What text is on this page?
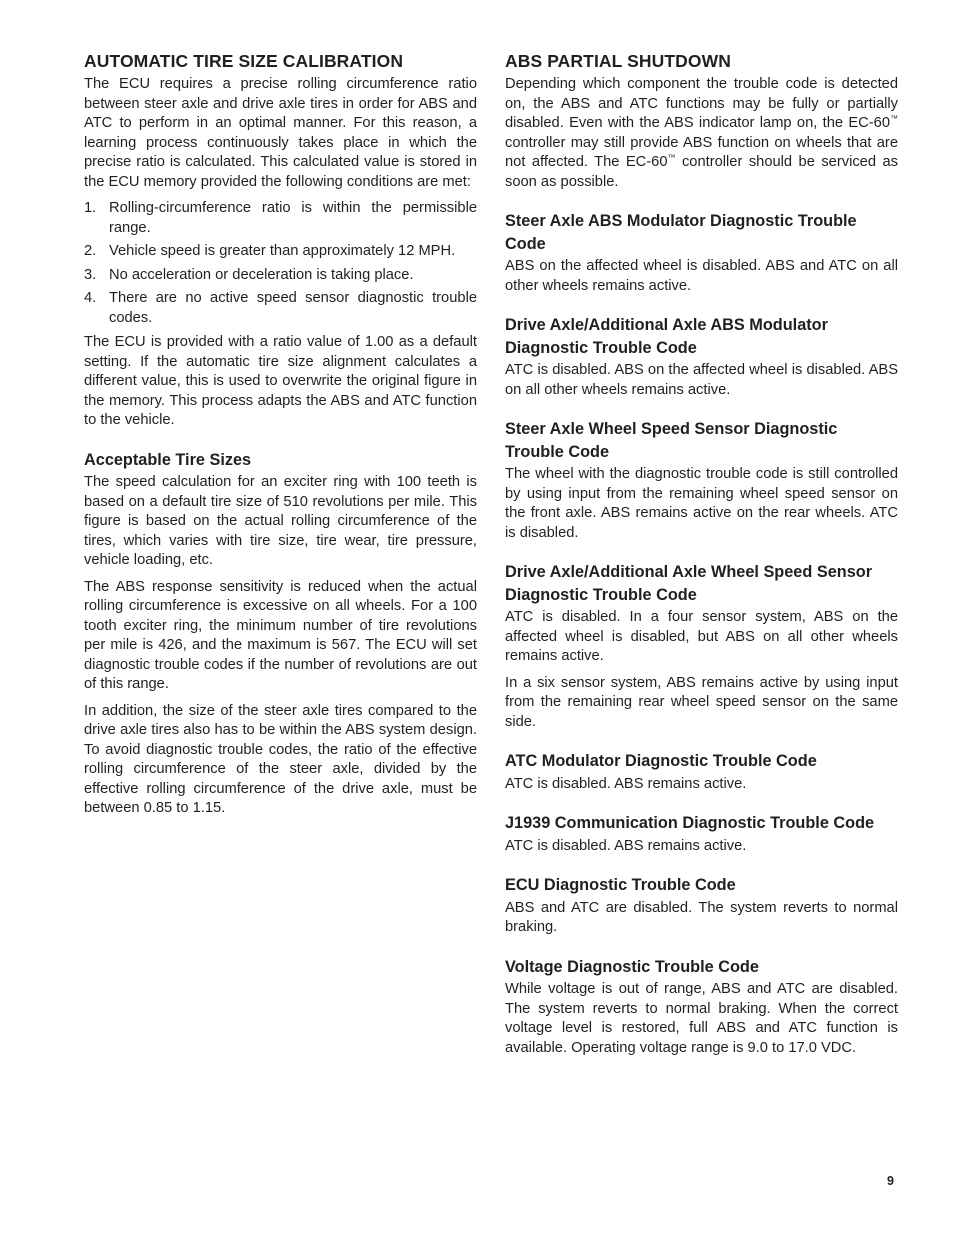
AUTOMATIC TIRE SIZE CALIBRATION

The ECU requires a precise rolling circumference ratio between steer axle and drive axle tires in order for ABS and ATC to perform in an optimal manner. For this reason, a learning process continuously takes place in which the precise ratio is calculated. This calculated value is stored in the ECU memory provided the following conditions are met:

1. Rolling-circumference ratio is within the permissible range.
2. Vehicle speed is greater than approximately 12 MPH.
3. No acceleration or deceleration is taking place.
4. There are no active speed sensor diagnostic trouble codes.

The ECU is provided with a ratio value of 1.00 as a default setting. If the automatic tire size alignment calculates a different value, this is used to overwrite the original figure in the memory. This process adapts the ABS and ATC function to the vehicle.

Acceptable Tire Sizes

The speed calculation for an exciter ring with 100 teeth is based on a default tire size of 510 revolutions per mile. This figure is based on the actual rolling circumference of the tires, which varies with tire size, tire wear, tire pressure, vehicle loading, etc.

The ABS response sensitivity is reduced when the actual rolling circumference is excessive on all wheels. For a 100 tooth exciter ring, the minimum number of tire revolutions per mile is 426, and the maximum is 567. The ECU will set diagnostic trouble codes if the number of revolutions are out of this range.

In addition, the size of the steer axle tires compared to the drive axle tires also has to be within the ABS system design. To avoid diagnostic trouble codes, the ratio of the effective rolling circumference of the steer axle, divided by the effective rolling circumference of the drive axle, must be between 0.85 to 1.15.

ABS PARTIAL SHUTDOWN

Depending which component the trouble code is detected on, the ABS and ATC functions may be fully or partially disabled. Even with the ABS indicator lamp on, the EC-60™ controller may still provide ABS function on wheels that are not affected. The EC-60™ controller should be serviced as soon as possible.

Steer Axle ABS Modulator Diagnostic Trouble Code

ABS on the affected wheel is disabled. ABS and ATC on all other wheels remains active.

Drive Axle/Additional Axle ABS Modulator Diagnostic Trouble Code

ATC is disabled. ABS on the affected wheel is disabled. ABS on all other wheels remains active.

Steer Axle Wheel Speed Sensor Diagnostic Trouble Code

The wheel with the diagnostic trouble code is still controlled by using input from the remaining wheel speed sensor on the front axle. ABS remains active on the rear wheels. ATC is disabled.

Drive Axle/Additional Axle Wheel Speed Sensor Diagnostic Trouble Code

ATC is disabled. In a four sensor system, ABS on the affected wheel is disabled, but ABS on all other wheels remains active.

In a six sensor system, ABS remains active by using input from the remaining rear wheel speed sensor on the same side.

ATC Modulator Diagnostic Trouble Code

ATC is disabled. ABS remains active.

J1939 Communication Diagnostic Trouble Code

ATC is disabled. ABS remains active.

ECU Diagnostic Trouble Code

ABS and ATC are disabled. The system reverts to normal braking.

Voltage Diagnostic Trouble Code

While voltage is out of range, ABS and ATC are disabled. The system reverts to normal braking. When the correct voltage level is restored, full ABS and ATC function is available. Operating voltage range is 9.0 to 17.0 VDC.

9
